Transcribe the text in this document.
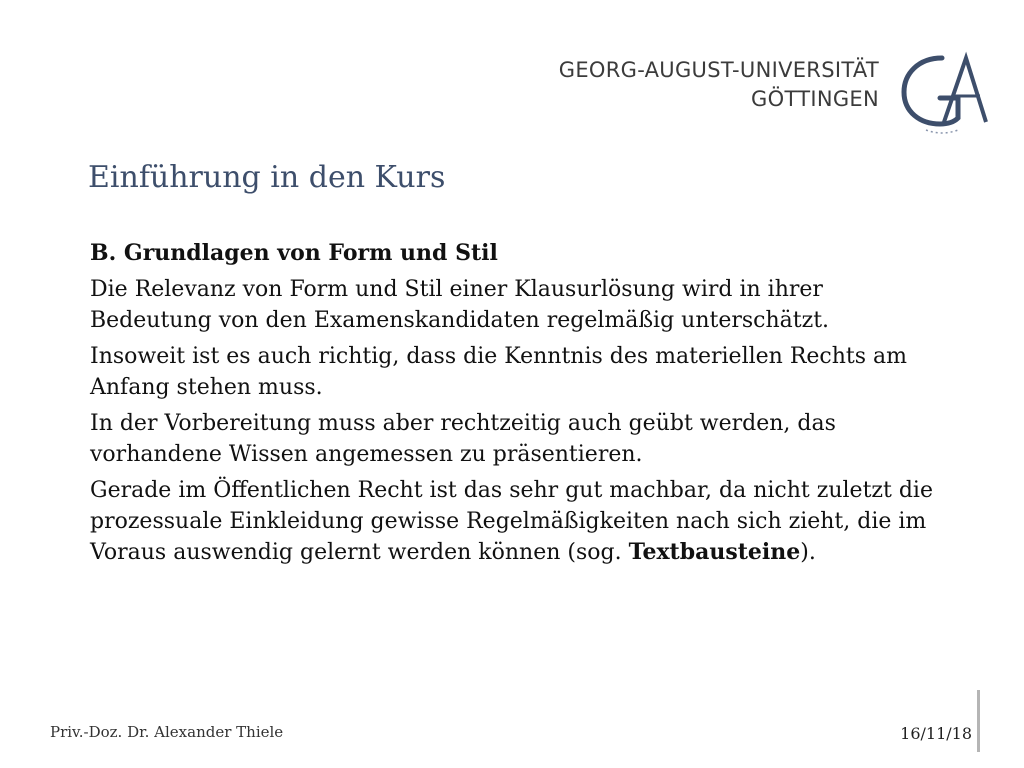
GEORG-AUGUST-UNIVERSITÄT
GÖTTINGEN
Einführung in den Kurs

B. Grundlagen von Form und Stil

Die Relevanz von Form und Stil einer Klausurlösung wird in ihrer Bedeutung von den Examenskandidaten regelmäßig unterschätzt.

Insoweit ist es auch richtig, dass die Kenntnis des materiellen Rechts am Anfang stehen muss.

In der Vorbereitung muss aber rechtzeitig auch geübt werden, das vorhandene Wissen angemessen zu präsentieren.

Gerade im Öffentlichen Recht ist das sehr gut machbar, da nicht zuletzt die prozessuale Einkleidung gewisse Regelmäßigkeiten nach sich zieht, die im Voraus auswendig gelernt werden können (sog. Textbausteine).

Priv.-Doz. Dr. Alexander Thiele	16/11/18
